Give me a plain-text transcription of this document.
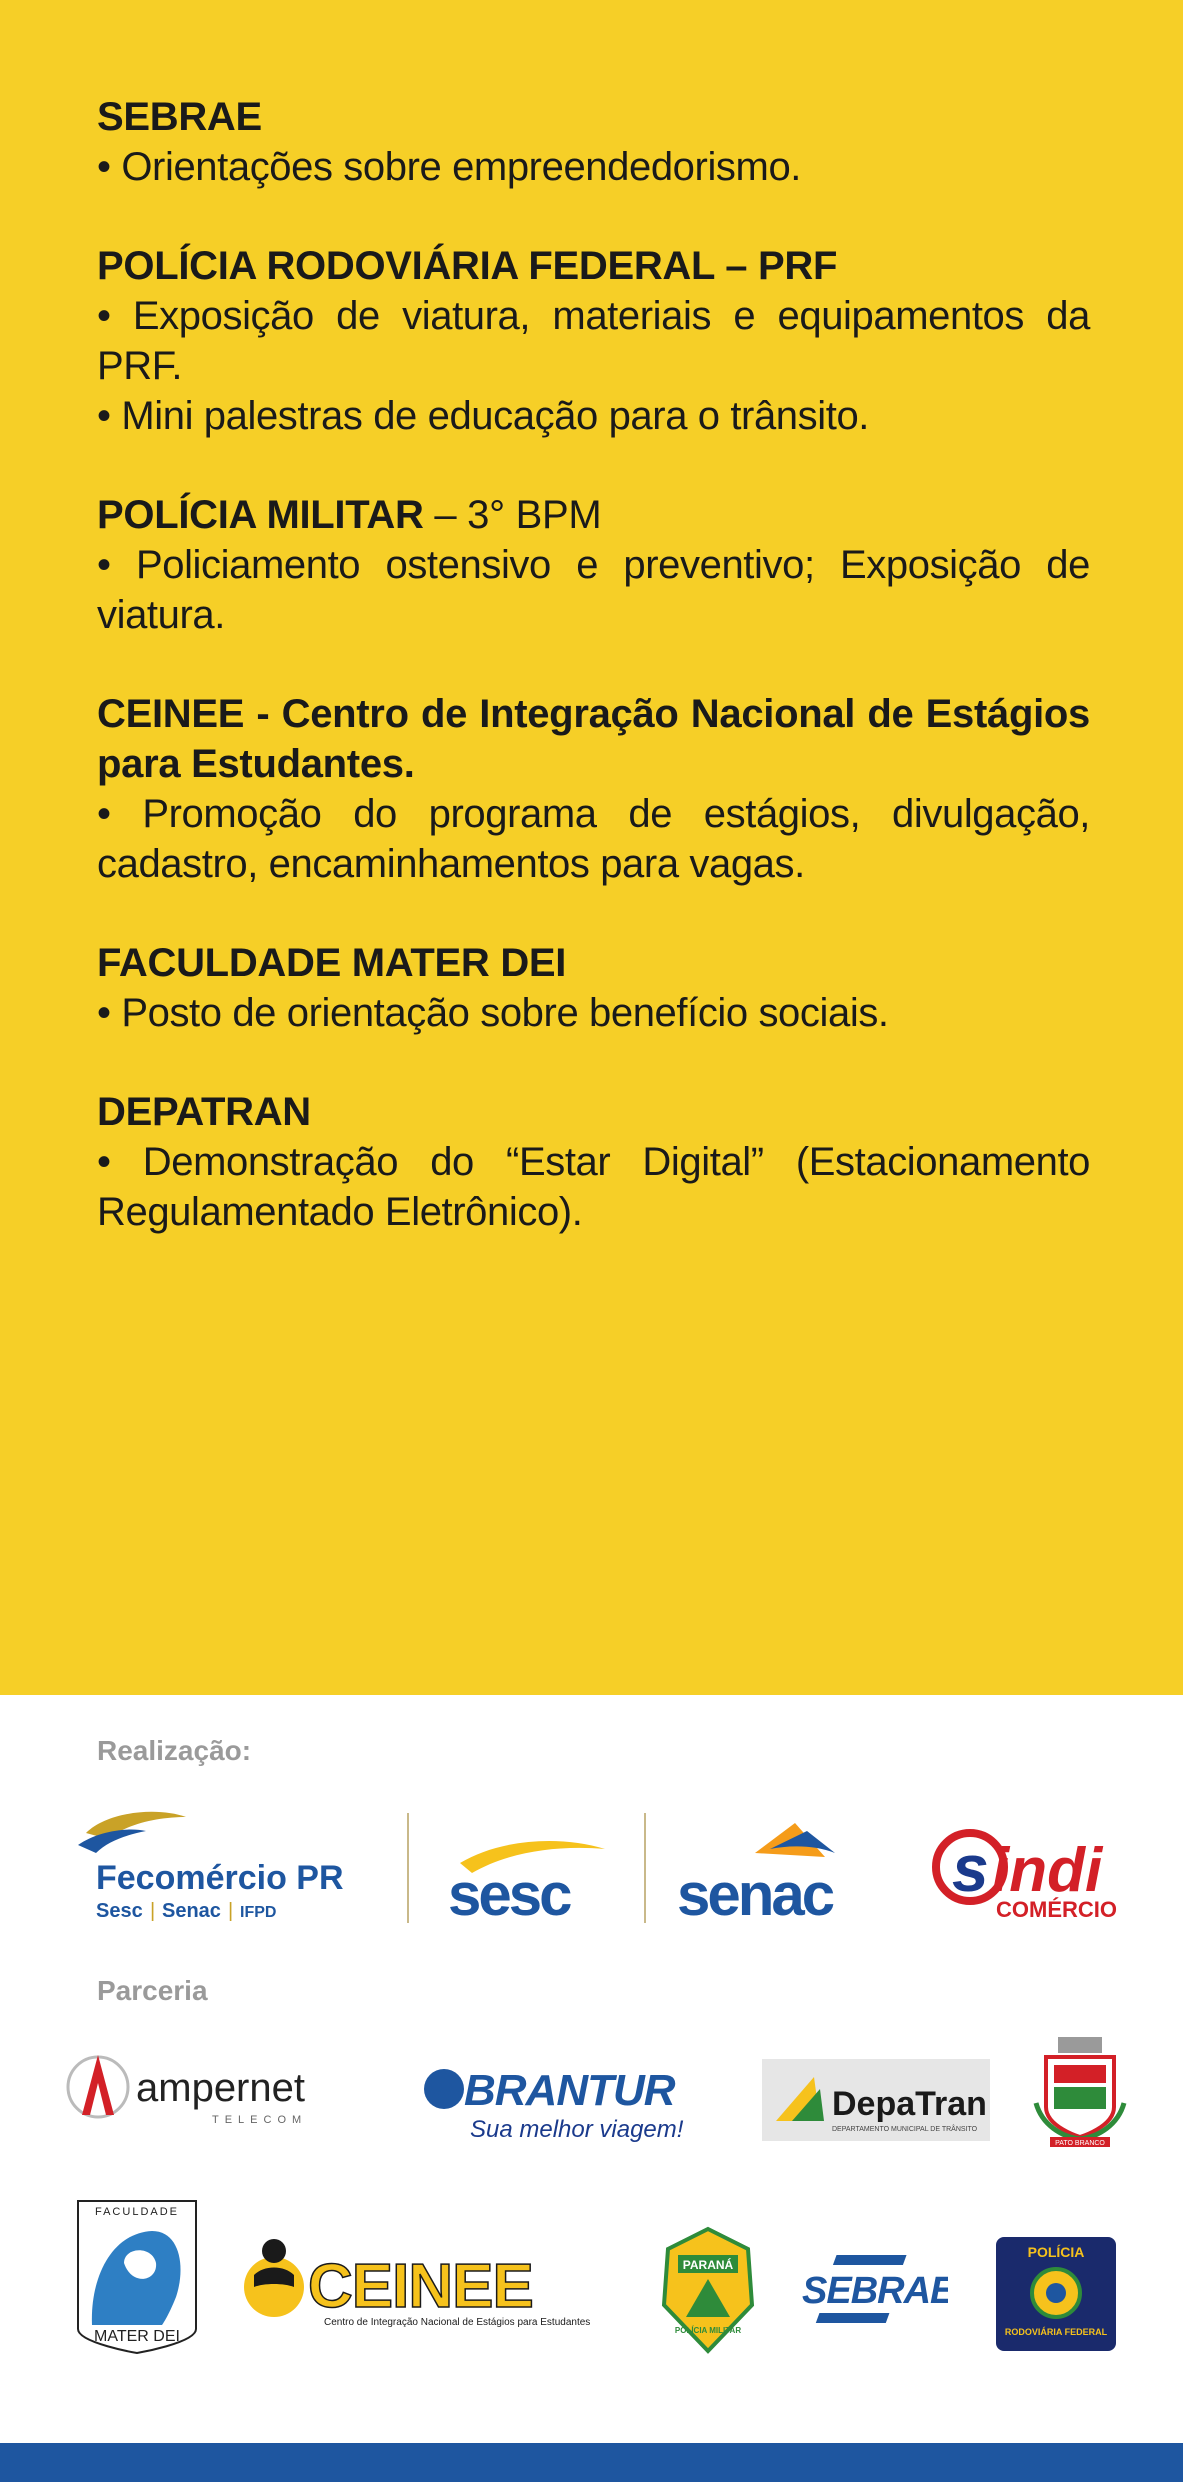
SEBRAE
• Orientações sobre empreendedorismo.
POLÍCIA RODOVIÁRIA FEDERAL – PRF
• Exposição de viatura, materiais e equipamentos da PRF.
• Mini palestras de educação para o trânsito.
POLÍCIA MILITAR – 3° BPM
• Policiamento ostensivo e preventivo; Exposição de viatura.
CEINEE - Centro de Integração Nacional de Estágios para Estudantes.
• Promoção do programa de estágios, divulgação, cadastro, encaminhamentos para vagas.
FACULDADE MATER DEI
• Posto de orientação sobre benefício sociais.
DEPATRAN
• Demonstração do “Estar Digital” (Estacionamento Regulamentado Eletrônico).
Realização:
Fecomércio PR
Sesc | Senac | IFPD	sesc senac s indi
COMÉRCIO
Parceria
ampernet
TELECOM
BRANTUR
Sua melhor viagem!
DepaTran
DEPARTAMENTO MUNICIPAL DE TRÂNSITO
PATO BRANCO
FACULDADE
MATER DEI
CEINEE
Centro de Integração Nacional de Estágios para Estudantes
PARANÁ
POLÍCIA MILITAR
SEBRAE
POLÍCIA
RODOVIÁRIA FEDERAL
